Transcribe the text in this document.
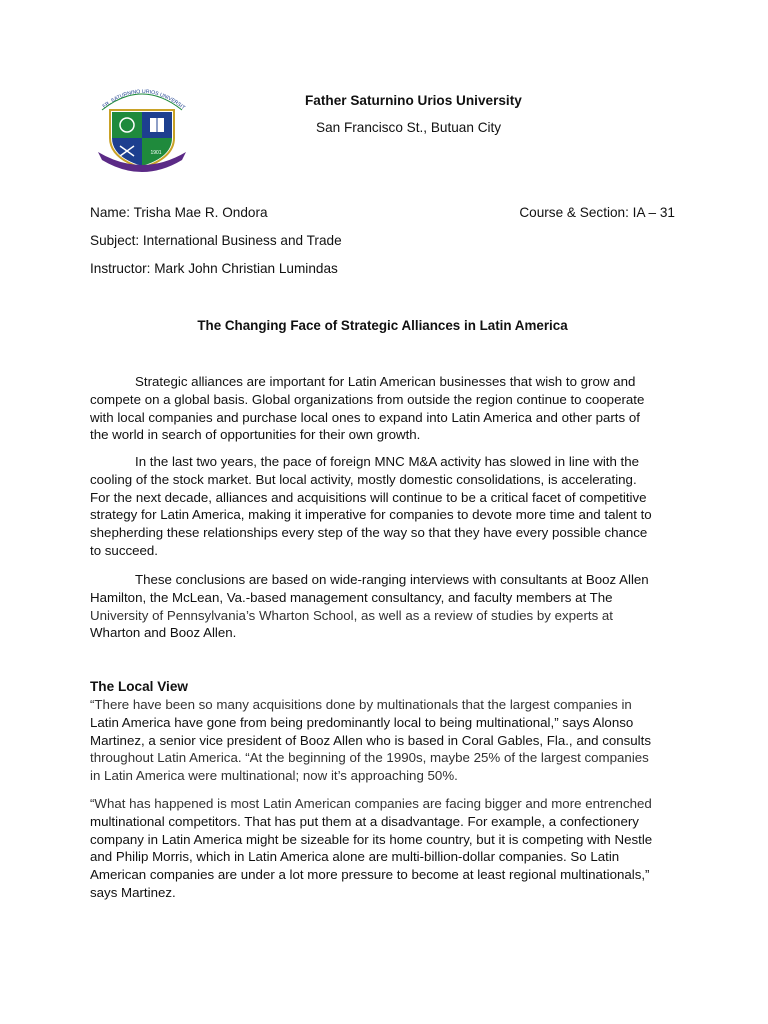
FR. SATURNINO URIOS UNIVERSIT
1901
Father Saturnino Urios University
San Francisco St., Butuan City
Name: Trisha Mae R. Ondora	Course & Section: IA – 31
Subject: International Business and Trade
Instructor: Mark John Christian Lumindas
The Changing Face of Strategic Alliances in Latin America

Strategic alliances are important for Latin American businesses that wish to grow and
compete on a global basis. Global organizations from outside the region continue to cooperate
with local companies and purchase local ones to expand into Latin America and other parts of
the world in search of opportunities for their own growth.

In the last two years, the pace of foreign MNC M&A activity has slowed in line with the
cooling of the stock market. But local activity, mostly domestic consolidations, is accelerating.
For the next decade, alliances and acquisitions will continue to be a critical facet of competitive
strategy for Latin America, making it imperative for companies to devote more time and talent to
shepherding these relationships every step of the way so that they have every possible chance
to succeed.

These conclusions are based on wide-ranging interviews with consultants at Booz Allen
Hamilton, the McLean, Va.-based management consultancy, and faculty members at The
University of Pennsylvania’s Wharton School, as well as a review of studies by experts at
Wharton and Booz Allen.

The Local View

“There have been so many acquisitions done by multinationals that the largest companies in
Latin America have gone from being predominantly local to being multinational,” says Alonso
Martinez, a senior vice president of Booz Allen who is based in Coral Gables, Fla., and consults
throughout Latin America. “At the beginning of the 1990s, maybe 25% of the largest companies
in Latin America were multinational; now it’s approaching 50%.

“What has happened is most Latin American companies are facing bigger and more entrenched
multinational competitors. That has put them at a disadvantage. For example, a confectionery
company in Latin America might be sizeable for its home country, but it is competing with Nestle
and Philip Morris, which in Latin America alone are multi-billion-dollar companies. So Latin
American companies are under a lot more pressure to become at least regional multinationals,”
says Martinez.
